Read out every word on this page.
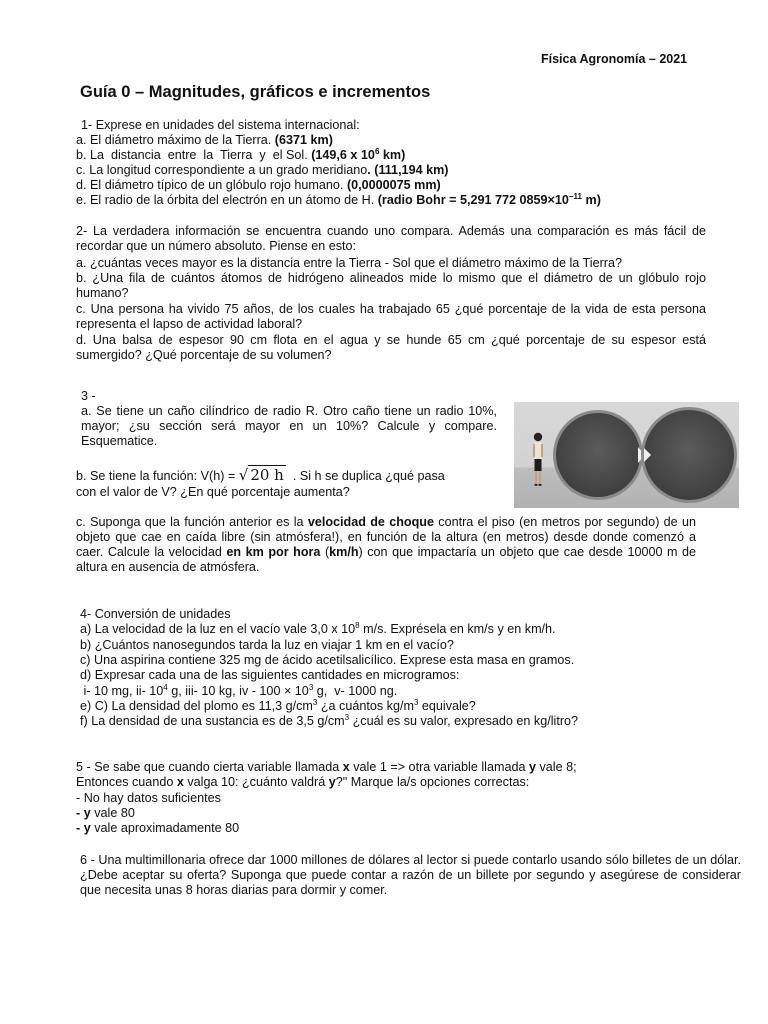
Física Agronomía – 2021
Guía 0 – Magnitudes, gráficos e incrementos
1- Exprese en unidades del sistema internacional:
a. El diámetro máximo de la Tierra. (6371 km)
b. La  distancia  entre  la  Tierra  y  el Sol. (149,6 x $10^6$ km)
c. La longitud correspondiente a un grado meridiano. (111,194 km)
d. El diámetro típico de un glóbulo rojo humano. (0,0000075 mm)
e. El radio de la órbita del electrón en un átomo de H. (radio Bohr = 5,291 772 $0859\times 10^{-11}$ m)
2- La verdadera información se encuentra cuando uno compara. Además una comparación es más fácil de recordar que un número absoluto. Piense en esto:
a. ¿cuántas veces mayor es la distancia entre la Tierra - Sol que el diámetro máximo de la Tierra?
b. ¿Una fila de cuántos átomos de hidrógeno alineados mide lo mismo que el diámetro de un glóbulo rojo humano?
c. Una persona ha vivido 75 años, de los cuales ha trabajado 65 ¿qué porcentaje de la vida de esta persona representa el lapso de actividad laboral?
d. Una balsa de espesor 90 cm flota en el agua y se hunde 65 cm ¿qué porcentaje de su espesor está sumergido? ¿Qué porcentaje de su volumen?
3 -
a. Se tiene un caño cilíndrico de radio R. Otro caño tiene un radio 10%, mayor; ¿su sección será mayor en un 10%? Calcule y compare. Esquematice.
b. Se tiene la función: V(h) = √ 20 h  . Si h se duplica ¿qué pasa
con el valor de V? ¿En qué porcentaje aumenta?
c. Suponga que la función anterior es la velocidad de choque contra el piso (en metros por segundo) de un objeto que cae en caída libre (sin atmósfera!), en función de la altura (en metros) desde donde comenzó a caer. Calcule la velocidad en km por hora (km/h) con que impactaría un objeto que cae desde 10000 m de altura en ausencia de atmósfera.
4- Conversión de unidades
a) La velocidad de la luz en el vacío vale 3,0 x $10^8$ m/s. Exprésela en km/s y en km/h.
b) ¿Cuántos nanosegundos tarda la luz en viajar 1 km en el vacío?
c) Una aspirina contiene 325 mg de ácido acetilsalicílico. Exprese esta masa en gramos.
d) Expresar cada una de las siguientes cantidades en microgramos:
i- 10 mg, ii- $10^4$ g, iii- 10 kg, iv - $100 \times 10^3$ g,  v- 1000 ng.
e) C) La densidad del plomo es 11,3 $g/cm^3$ ¿a cuántos $kg/m^3$ equivale?
f) La densidad de una sustancia es de 3,5 $g/cm^3$ ¿cuál es su valor, expresado en kg/litro?
5 - Se sabe que cuando cierta variable llamada x vale 1 => otra variable llamada y vale 8;
Entonces cuando x valga 10: ¿cuánto valdrá y?" Marque la/s opciones correctas:
- No hay datos suficientes
- y vale 80
- y vale aproximadamente 80
6 - Una multimillonaria ofrece dar 1000 millones de dólares al lector si puede contarlo usando sólo billetes de un dólar. ¿Debe aceptar su oferta? Suponga que puede contar a razón de un billete por segundo y asegúrese de considerar que necesita unas 8 horas diarias para dormir y comer.
